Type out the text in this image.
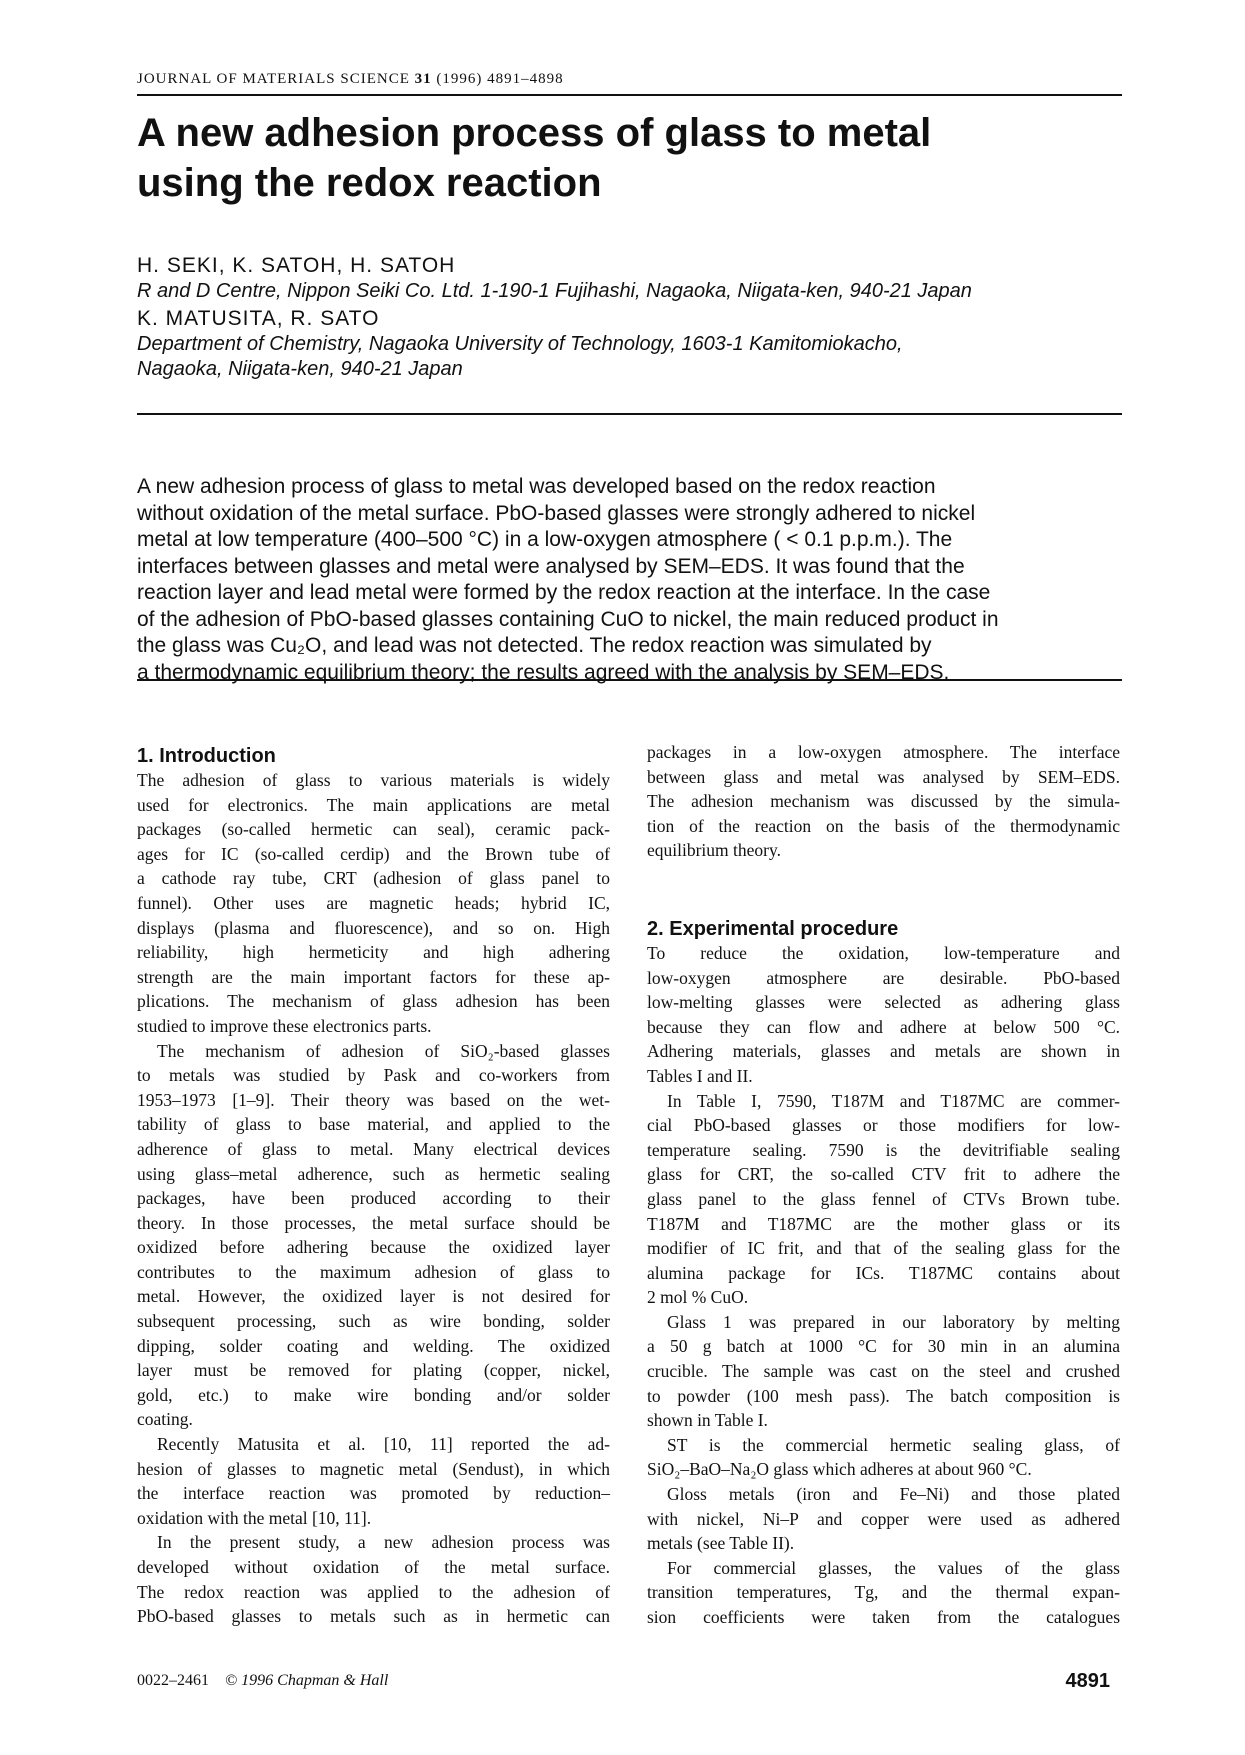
JOURNAL OF MATERIALS SCIENCE 31 (1996) 4891–4898
A new adhesion process of glass to metal
using the redox reaction
H. SEKI, K. SATOH, H. SATOH
R and D Centre, Nippon Seiki Co. Ltd. 1-190-1 Fujihashi, Nagaoka, Niigata-ken, 940-21 Japan
K. MATUSITA, R. SATO
Department of Chemistry, Nagaoka University of Technology, 1603-1 Kamitomiokacho,
Nagaoka, Niigata-ken, 940-21 Japan
A new adhesion process of glass to metal was developed based on the redox reaction
without oxidation of the metal surface. PbO-based glasses were strongly adhered to nickel
metal at low temperature (400–500 °C) in a low-oxygen atmosphere ( < 0.1 p.p.m.). The
interfaces between glasses and metal were analysed by SEM–EDS. It was found that the
reaction layer and lead metal were formed by the redox reaction at the interface. In the case
of the adhesion of PbO-based glasses containing CuO to nickel, the main reduced product in
the glass was Cu₂O, and lead was not detected. The redox reaction was simulated by
a thermodynamic equilibrium theory; the results agreed with the analysis by SEM–EDS.
1. Introduction

The adhesion of glass to various materials is widely
used for electronics. The main applications are metal
packages (so-called hermetic can seal), ceramic pack-
ages for IC (so-called cerdip) and the Brown tube of
a cathode ray tube, CRT (adhesion of glass panel to
funnel). Other uses are magnetic heads; hybrid IC,
displays (plasma and fluorescence), and so on. High
reliability, high hermeticity and high adhering
strength are the main important factors for these ap-
plications. The mechanism of glass adhesion has been
studied to improve these electronics parts.

The mechanism of adhesion of SiO₂-based glasses
to metals was studied by Pask and co-workers from
1953–1973 [1–9]. Their theory was based on the wet-
tability of glass to base material, and applied to the
adherence of glass to metal. Many electrical devices
using glass–metal adherence, such as hermetic sealing
packages, have been produced according to their
theory. In those processes, the metal surface should be
oxidized before adhering because the oxidized layer
contributes to the maximum adhesion of glass to
metal. However, the oxidized layer is not desired for
subsequent processing, such as wire bonding, solder
dipping, solder coating and welding. The oxidized
layer must be removed for plating (copper, nickel,
gold, etc.) to make wire bonding and/or solder
coating.

Recently Matusita et al. [10, 11] reported the ad-
hesion of glasses to magnetic metal (Sendust), in which
the interface reaction was promoted by reduction–
oxidation with the metal [10, 11].

In the present study, a new adhesion process was
developed without oxidation of the metal surface.
The redox reaction was applied to the adhesion of
PbO-based glasses to metals such as in hermetic can

packages in a low-oxygen atmosphere. The interface
between glass and metal was analysed by SEM–EDS.
The adhesion mechanism was discussed by the simula-
tion of the reaction on the basis of the thermodynamic
equilibrium theory.

2. Experimental procedure

To reduce the oxidation, low-temperature and
low-oxygen atmosphere are desirable. PbO-based
low-melting glasses were selected as adhering glass
because they can flow and adhere at below 500 °C.
Adhering materials, glasses and metals are shown in
Tables I and II.

In Table I, 7590, T187M and T187MC are commer-
cial PbO-based glasses or those modifiers for low-
temperature sealing. 7590 is the devitrifiable sealing
glass for CRT, the so-called CTV frit to adhere the
glass panel to the glass fennel of CTVs Brown tube.
T187M and T187MC are the mother glass or its
modifier of IC frit, and that of the sealing glass for the
alumina package for ICs. T187MC contains about
2 mol % CuO.

Glass 1 was prepared in our laboratory by melting
a 50 g batch at 1000 °C for 30 min in an alumina
crucible. The sample was cast on the steel and crushed
to powder (100 mesh pass). The batch composition is
shown in Table I.

ST is the commercial hermetic sealing glass, of
SiO₂–BaO–Na₂O glass which adheres at about 960 °C.

Gloss metals (iron and Fe–Ni) and those plated
with nickel, Ni–P and copper were used as adhered
metals (see Table II).

For commercial glasses, the values of the glass
transition temperatures, Tg, and the thermal expan-
sion coefficients were taken from the catalogues

0022–2461 © 1996 Chapman & Hall	4891
